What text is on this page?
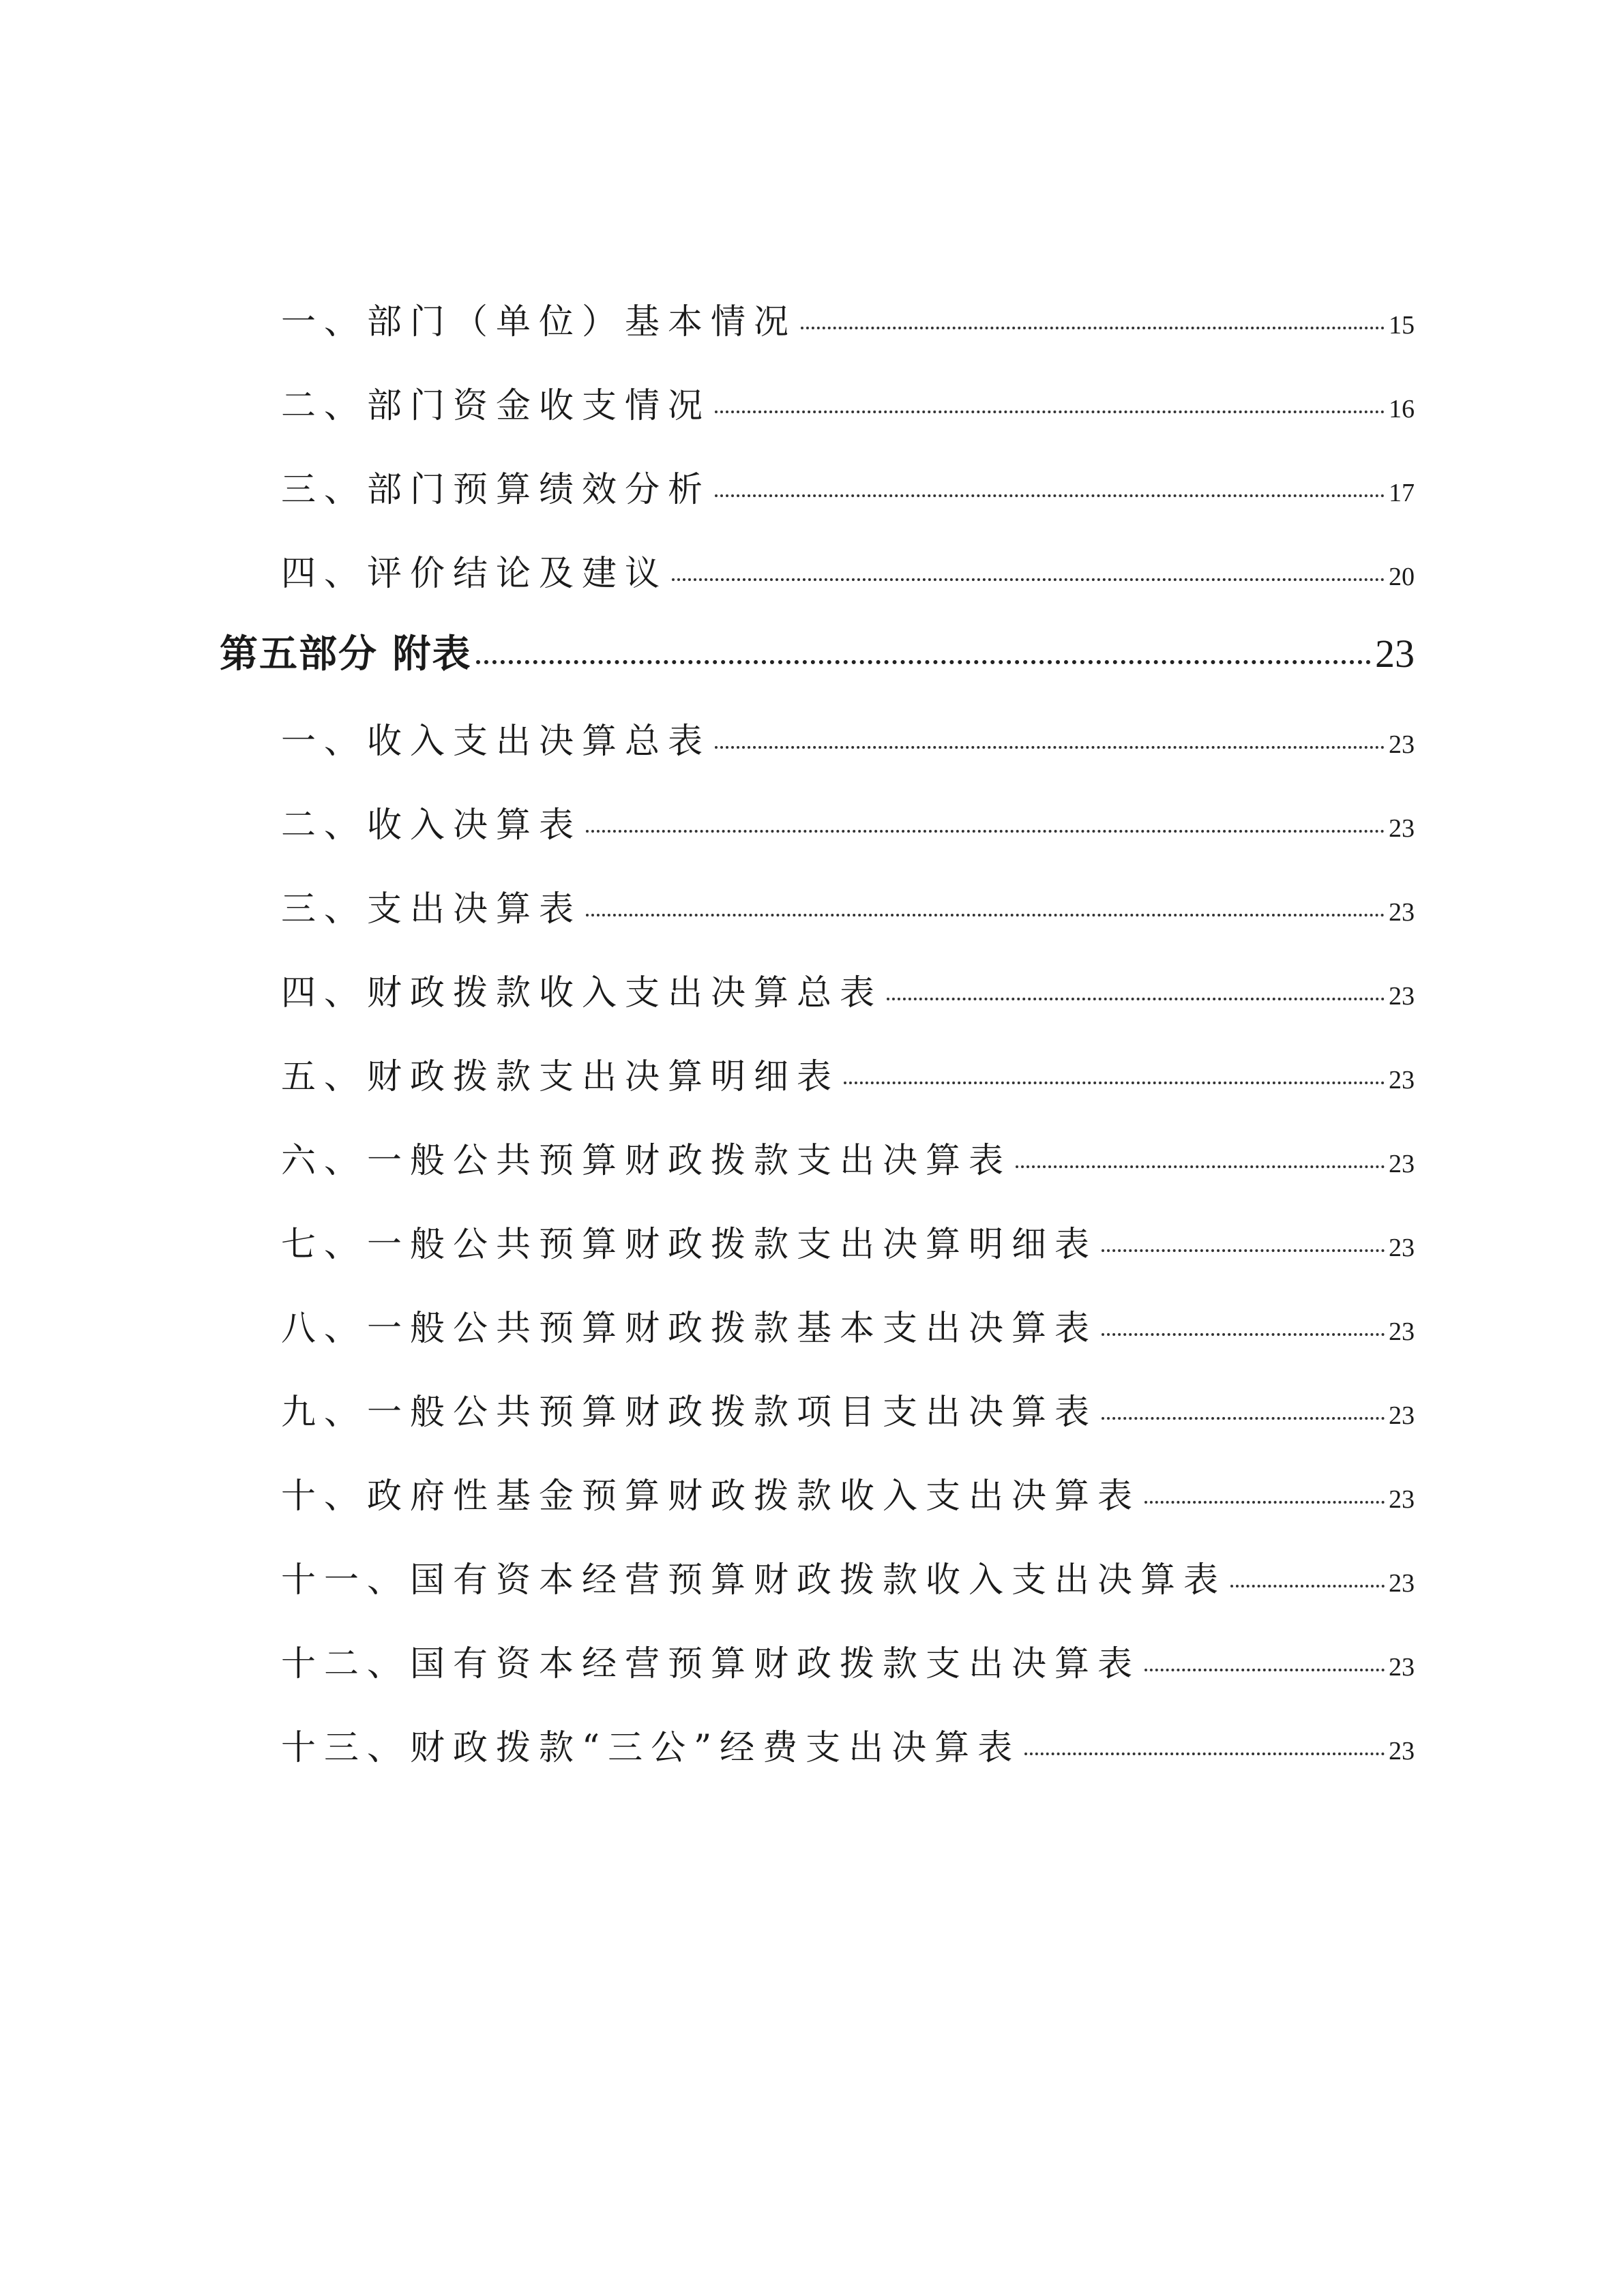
一、部门（单位）基本情况	15
二、部门资金收支情况	16
三、部门预算绩效分析	17
四、评价结论及建议	20
第五部分 附表	23
一、收入支出决算总表	23
二、收入决算表	23
三、支出决算表	23
四、财政拨款收入支出决算总表	23
五、财政拨款支出决算明细表	23
六、一般公共预算财政拨款支出决算表	23
七、一般公共预算财政拨款支出决算明细表	23
八、一般公共预算财政拨款基本支出决算表	23
九、一般公共预算财政拨款项目支出决算表	23
十、政府性基金预算财政拨款收入支出决算表	23
十一、国有资本经营预算财政拨款收入支出决算表	23
十二、国有资本经营预算财政拨款支出决算表	23
十三、财政拨款“三公”经费支出决算表	23
